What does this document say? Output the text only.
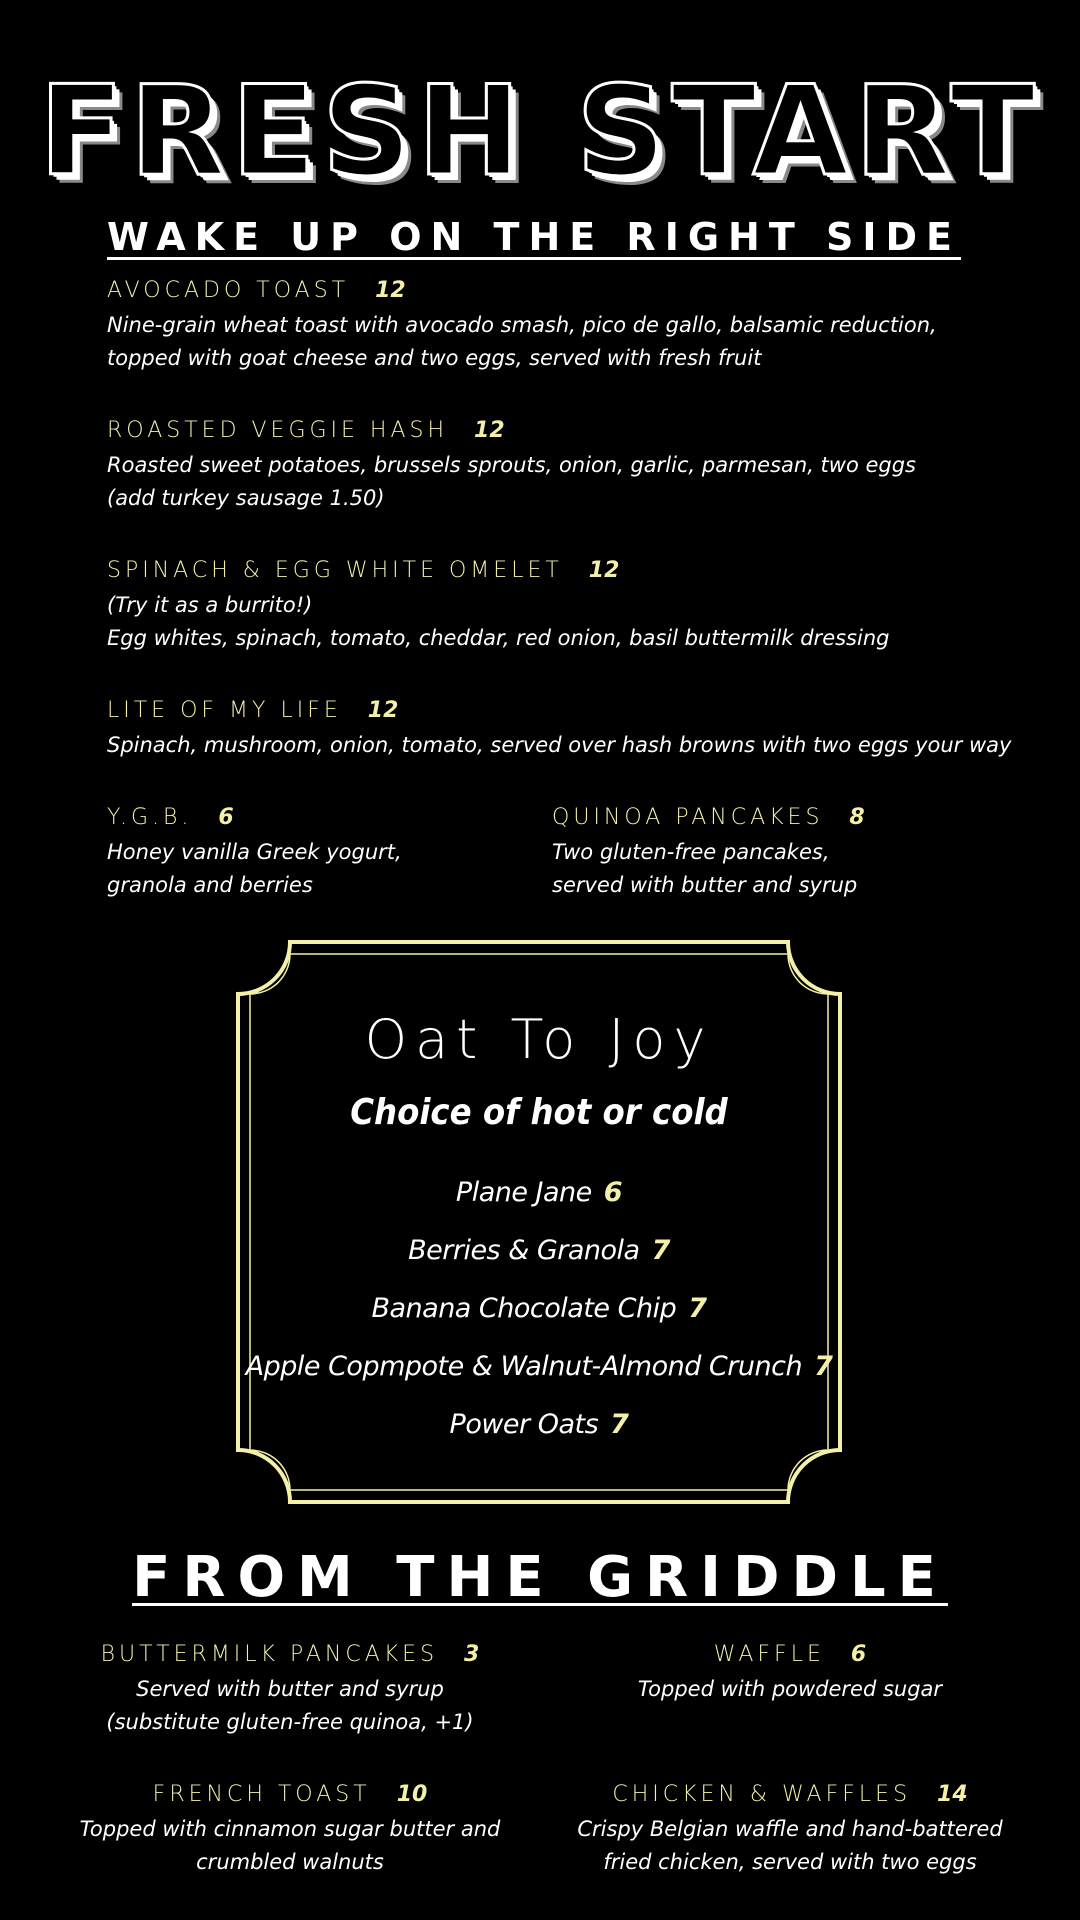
FRESH START
WAKE UP ON THE RIGHT SIDE
AVOCADO TOAST 12
Nine-grain wheat toast with avocado smash, pico de gallo, balsamic reduction,
topped with goat cheese and two eggs, served with fresh fruit
ROASTED VEGGIE HASH 12
Roasted sweet potatoes, brussels sprouts, onion, garlic, parmesan, two eggs
(add turkey sausage 1.50)
SPINACH & EGG WHITE OMELET 12
(Try it as a burrito!)
Egg whites, spinach, tomato, cheddar, red onion, basil buttermilk dressing
LITE OF MY LIFE 12
Spinach, mushroom, onion, tomato, served over hash browns with two eggs your way
Y.G.B. 6
Honey vanilla Greek yogurt,
granola and berries
QUINOA PANCAKES 8
Two gluten-free pancakes,
served with butter and syrup
Oat To Joy
Choice of hot or cold
Plane Jane 6
Berries & Granola 7
Banana Chocolate Chip 7
Apple Copmpote & Walnut-Almond Crunch 7
Power Oats 7
FROM THE GRIDDLE
BUTTERMILK PANCAKES 3
Served with butter and syrup
(substitute gluten-free quinoa, +1)
WAFFLE 6
Topped with powdered sugar
FRENCH TOAST 10
Topped with cinnamon sugar butter and
crumbled walnuts
CHICKEN & WAFFLES 14
Crispy Belgian waffle and hand-battered
fried chicken, served with two eggs
